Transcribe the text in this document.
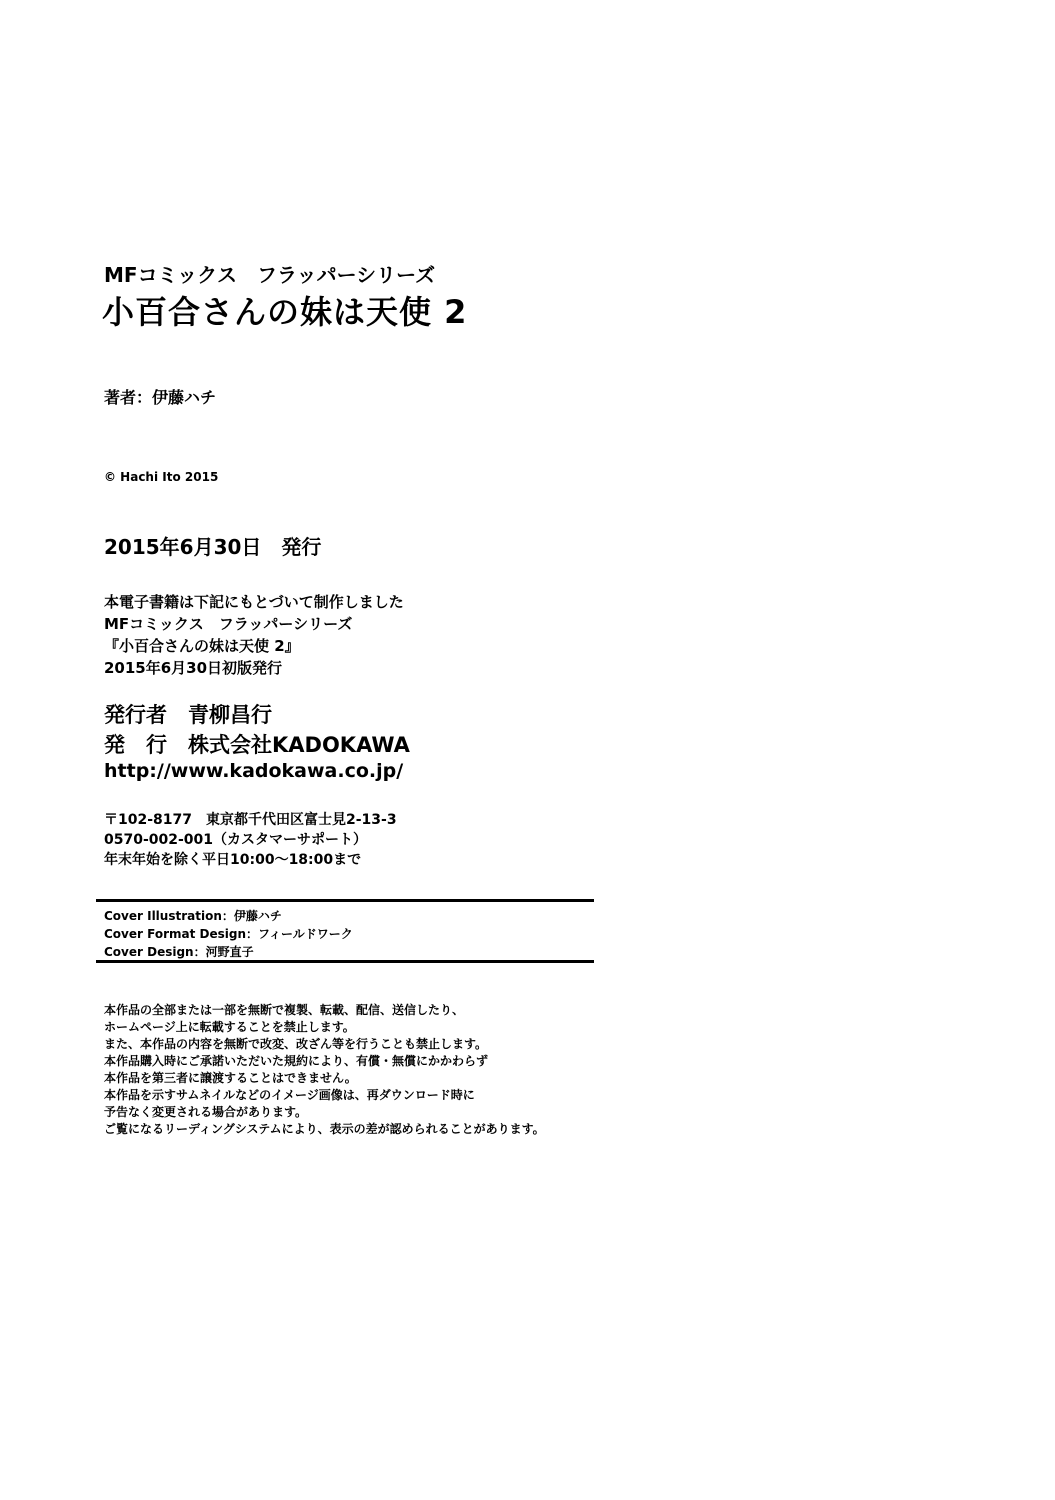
MFコミックス　フラッパーシリーズ
小百合さんの妹は天使 2
著者：伊藤ハチ
© Hachi Ito 2015
2015年6月30日　発行
本電子書籍は下記にもとづいて制作しました
MFコミックス　フラッパーシリーズ
『小百合さんの妹は天使 2』
2015年6月30日初版発行
発行者　青柳昌行
発　行　株式会社KADOKAWA
http://www.kadokawa.co.jp/
〒102-8177　東京都千代田区富士見2-13-3
0570-002-001（カスタマーサポート）
年末年始を除く平日10:00〜18:00まで
Cover Illustration：伊藤ハチ
Cover Format Design：フィールドワーク
Cover Design：河野直子
本作品の全部または一部を無断で複製、転載、配信、送信したり、
ホームページ上に転載することを禁止します。
また、本作品の内容を無断で改変、改ざん等を行うことも禁止します。
本作品購入時にご承諾いただいた規約により、有償・無償にかかわらず
本作品を第三者に譲渡することはできません。
本作品を示すサムネイルなどのイメージ画像は、再ダウンロード時に
予告なく変更される場合があります。
ご覧になるリーディングシステムにより、表示の差が認められることがあります。
